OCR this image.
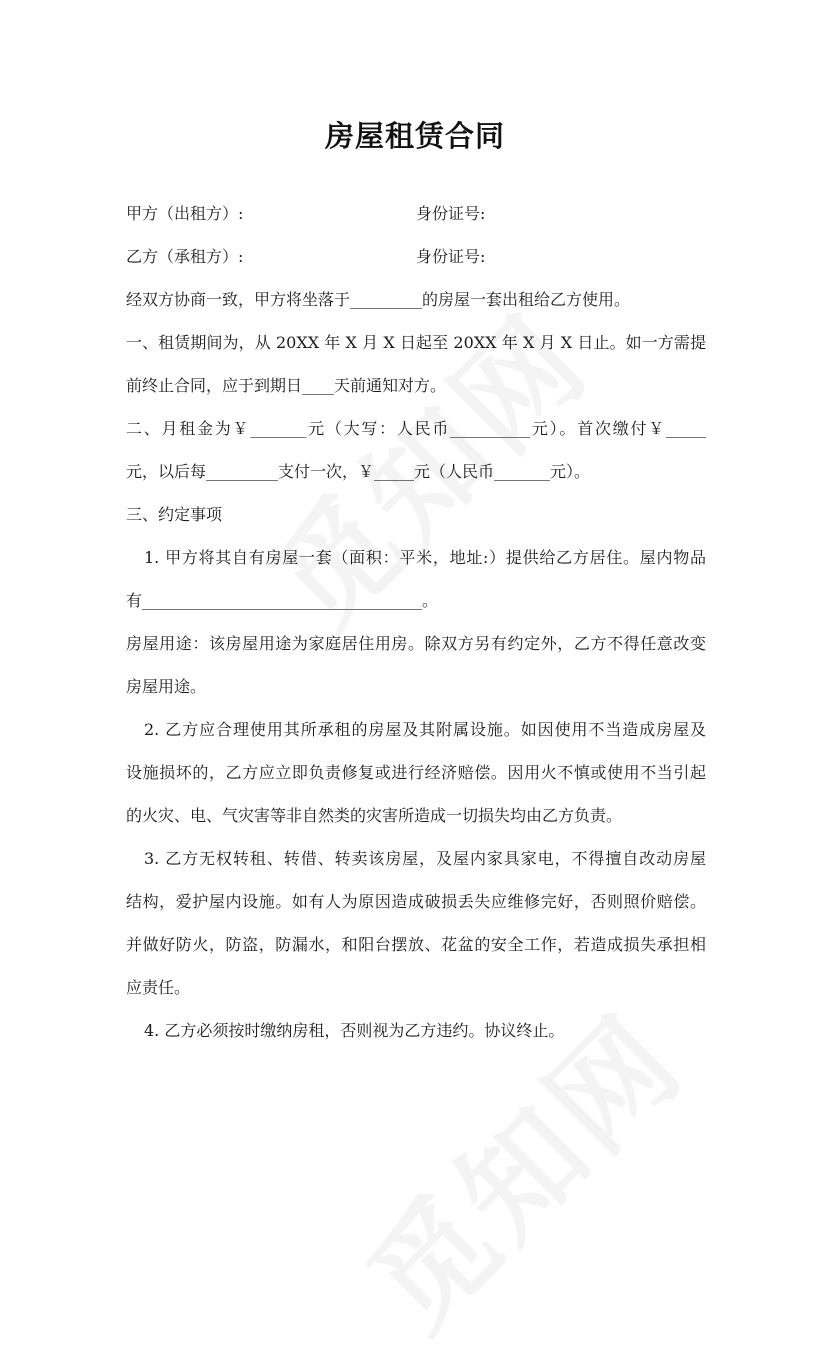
房屋租赁合同
甲方（出租方）:	身份证号:
乙方（承租方）:	身份证号:
经双方协商一致，甲方将坐落于_________的房屋一套出租给乙方使用。
一、租赁期间为，从 20XX 年 X 月 X 日起至 20XX 年 X 月 X 日止。如一方需提
前终止合同，应于到期日____天前通知对方。
二、月租金为￥_______元（大写：人民币__________元）。首次缴付￥_____
元，以后每_________支付一次，￥_____元（人民币_______元）。
三、约定事项
1. 甲方将其自有房屋一套（面积：平米，地址:）提供给乙方居住。屋内物品
有___________________________________。
房屋用途：该房屋用途为家庭居住用房。除双方另有约定外，乙方不得任意改变
房屋用途。
2. 乙方应合理使用其所承租的房屋及其附属设施。如因使用不当造成房屋及
设施损坏的，乙方应立即负责修复或进行经济赔偿。因用火不慎或使用不当引起
的火灾、电、气灾害等非自然类的灾害所造成一切损失均由乙方负责。
3. 乙方无权转租、转借、转卖该房屋，及屋内家具家电，不得擅自改动房屋
结构，爱护屋内设施。如有人为原因造成破损丢失应维修完好，否则照价赔偿。
并做好防火，防盗，防漏水，和阳台摆放、花盆的安全工作，若造成损失承担相
应责任。
4. 乙方必须按时缴纳房租，否则视为乙方违约。协议终止。
